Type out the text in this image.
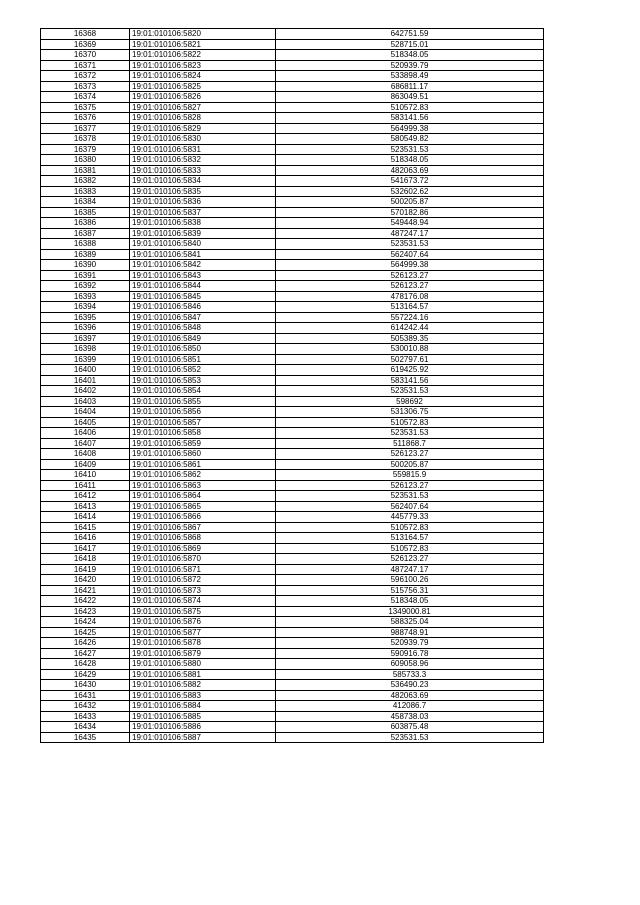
16368	19:01:010106:5820	642751.59
16369	19:01:010106:5821	528715.01
16370	19:01:010106:5822	518348.05
16371	19:01:010106:5823	520939.79
16372	19:01:010106:5824	533898.49
16373	19:01:010106:5825	686811.17
16374	19:01:010106:5826	863049.51
16375	19:01:010106:5827	510572.83
16376	19:01:010106:5828	583141.56
16377	19:01:010106:5829	564999.38
16378	19:01:010106:5830	580549.82
16379	19:01:010106:5831	523531.53
16380	19:01:010106:5832	518348.05
16381	19:01:010106:5833	482063.69
16382	19:01:010106:5834	541673.72
16383	19:01:010106:5835	532602.62
16384	19:01:010106:5836	500205.87
16385	19:01:010106:5837	570182.86
16386	19:01:010106:5838	549448.94
16387	19:01:010106:5839	487247.17
16388	19:01:010106:5840	523531.53
16389	19:01:010106:5841	562407.64
16390	19:01:010106:5842	564999.38
16391	19:01:010106:5843	526123.27
16392	19:01:010106:5844	526123.27
16393	19:01:010106:5845	478176.08
16394	19:01:010106:5846	513164.57
16395	19:01:010106:5847	557224.16
16396	19:01:010106:5848	614242.44
16397	19:01:010106:5849	505389.35
16398	19:01:010106:5850	530010.88
16399	19:01:010106:5851	502797.61
16400	19:01:010106:5852	619425.92
16401	19:01:010106:5853	583141.56
16402	19:01:010106:5854	523531.53
16403	19:01:010106:5855	598692
16404	19:01:010106:5856	531306.75
16405	19:01:010106:5857	510572.83
16406	19:01:010106:5858	523531.53
16407	19:01:010106:5859	511868.7
16408	19:01:010106:5860	526123.27
16409	19:01:010106:5861	500205.87
16410	19:01:010106:5862	559815.9
16411	19:01:010106:5863	526123.27
16412	19:01:010106:5864	523531.53
16413	19:01:010106:5865	562407.64
16414	19:01:010106:5866	445779.33
16415	19:01:010106:5867	510572.83
16416	19:01:010106:5868	513164.57
16417	19:01:010106:5869	510572.83
16418	19:01:010106:5870	526123.27
16419	19:01:010106:5871	487247.17
16420	19:01:010106:5872	596100.26
16421	19:01:010106:5873	515756.31
16422	19:01:010106:5874	518348.05
16423	19:01:010106:5875	1349000.81
16424	19:01:010106:5876	588325.04
16425	19:01:010106:5877	988748.91
16426	19:01:010106:5878	520939.79
16427	19:01:010106:5879	590916.78
16428	19:01:010106:5880	609058.96
16429	19:01:010106:5881	585733.3
16430	19:01:010106:5882	536490.23
16431	19:01:010106:5883	482063.69
16432	19:01:010106:5884	412086.7
16433	19:01:010106:5885	458738.03
16434	19:01:010106:5886	603875.48
16435	19:01:010106:5887	523531.53
